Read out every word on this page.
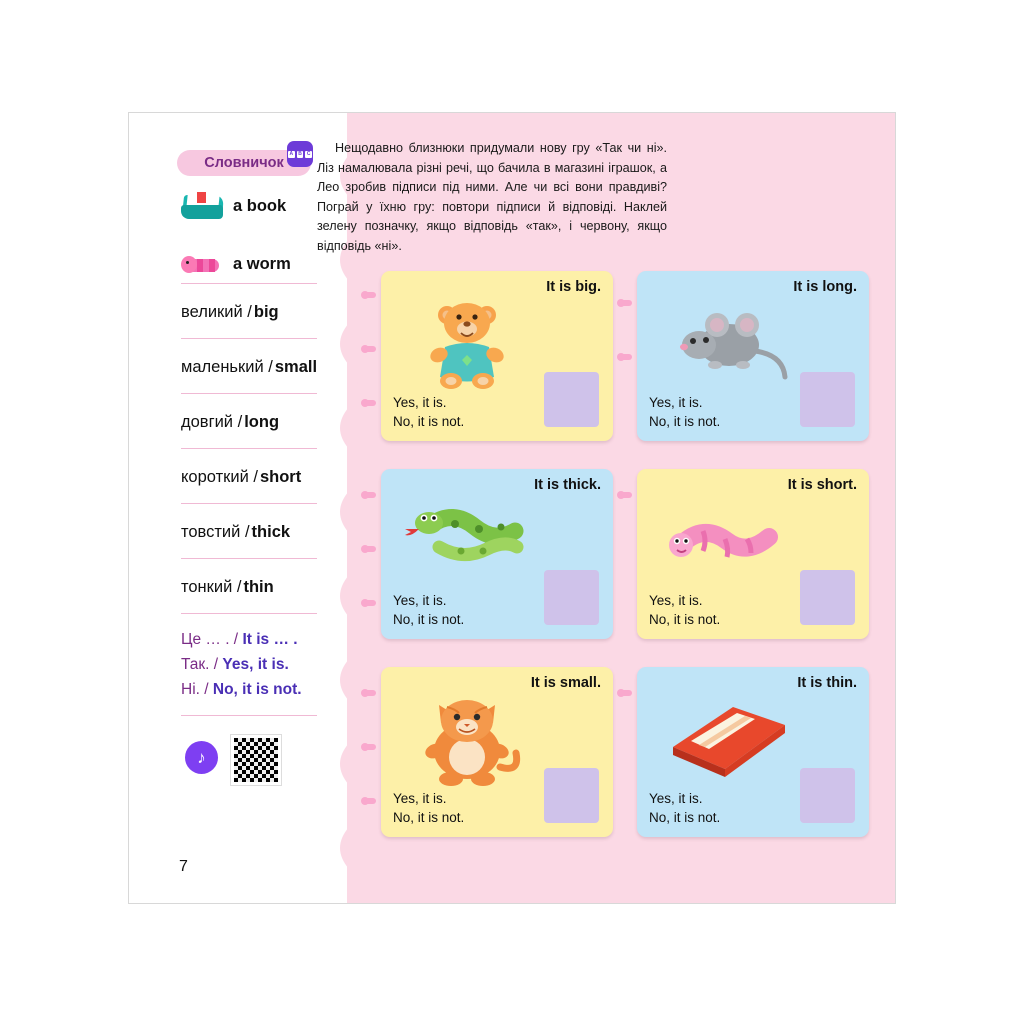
Словничок
a book
a worm
великий / big
маленький / small
довгий / long
короткий / short
товстий / thick
тонкий / thin
Це … . / It is … .
Так. / Yes, it is.
Ні. / No, it is not.
♪
7
A	B	C	Нещодавно близнюки придумали нову гру «Так чи ні». Ліз намалювала різні речі, що бачила в магазині іграшок, а Лео зробив підписи під ними. Але чи всі вони правдиві? Пограй у їхню гру: повтори підписи й відповіді. Наклей зелену позначку, якщо відповідь «так», і червону, якщо відповідь «ні».
It is big.
Yes, it is.
No, it is not.
It is long.
Yes, it is.
No, it is not.
It is thick.
Yes, it is.
No, it is not.
It is short.
Yes, it is.
No, it is not.
It is small.
Yes, it is.
No, it is not.
It is thin.
Yes, it is.
No, it is not.
